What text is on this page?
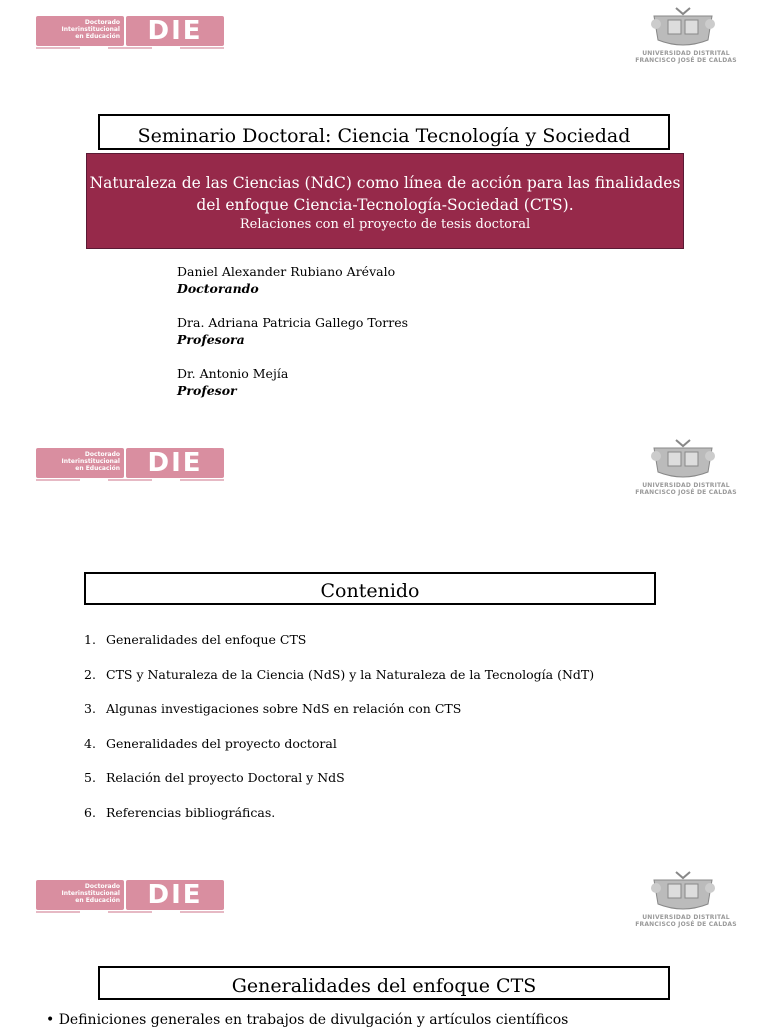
Doctorado
Interinstitucional
en Educación	DIE
UNIVERSIDAD DISTRITAL
FRANCISCO JOSÉ DE CALDAS
Seminario Doctoral: Ciencia Tecnología y Sociedad
Naturaleza de las Ciencias (NdC) como línea de acción para las finalidades
del enfoque Ciencia-Tecnología-Sociedad (CTS).
Relaciones con el proyecto de tesis doctoral
Daniel Alexander Rubiano Arévalo
Doctorando
Dra. Adriana Patricia Gallego Torres
Profesora
Dr. Antonio Mejía
Profesor
Doctorado
Interinstitucional
en Educación	DIE
UNIVERSIDAD DISTRITAL
FRANCISCO JOSÉ DE CALDAS
Contenido
1. Generalidades del enfoque CTS
2. CTS y Naturaleza de la Ciencia (NdS) y la Naturaleza de la Tecnología (NdT)
3. Algunas investigaciones sobre NdS en relación con CTS
4. Generalidades del proyecto doctoral
5. Relación del proyecto Doctoral y NdS
6. Referencias bibliográficas.
Doctorado
Interinstitucional
en Educación	DIE
UNIVERSIDAD DISTRITAL
FRANCISCO JOSÉ DE CALDAS
Generalidades del enfoque CTS
• Definiciones generales en trabajos de divulgación y artículos científicos
